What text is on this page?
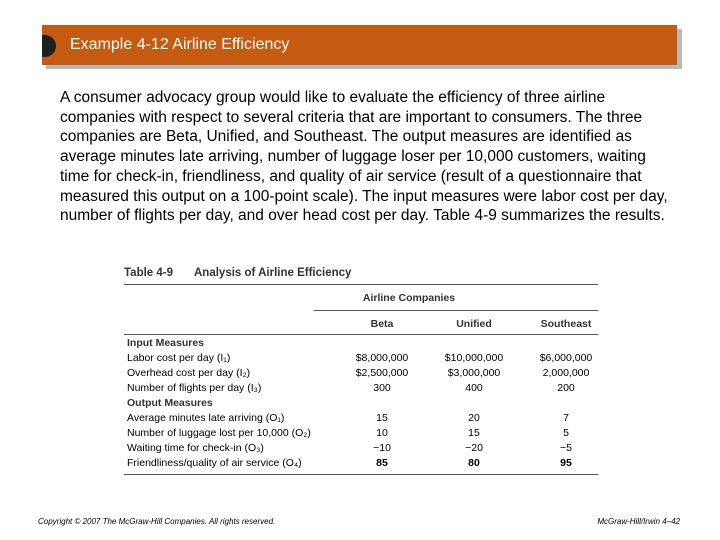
Example 4-12 Airline Efficiency

A consumer advocacy group would like to evaluate the efficiency of three airline companies with respect to several criteria that are important to consumers. The three companies are Beta, Unified, and Southeast. The output measures are identified as average minutes late arriving, number of luggage loser per 10,000 customers, waiting time for check-in, friendliness, and quality of air service (result of a questionnaire that measured this output on a 100-point scale). The input measures were labor cost per day, number of flights per day, and over head cost per day. Table 4-9 summarizes the results.

Table 4-9 Analysis of Airline Efficiency
Airline Companies
Beta	Unified	Southeast
Input Measures
Labor cost per day (I₁)	$8,000,000	$10,000,000	$6,000,000
Overhead cost per day (I₂)	$2,500,000	$3,000,000	2,000,000
Number of flights per day (I₃)	300	400	200
Output Measures
Average minutes late arriving (O₁)	15	20	7
Number of luggage lost per 10,000 (O₂)	10	15	5
Waiting time for check-in (O₃)	−10	−20	−5
Friendliness/quality of air service (O₄)	85	80	95
Copyright © 2007 The McGraw-Hill Companies. All rights reserved.	McGraw-Hill/Irwin 4–42
